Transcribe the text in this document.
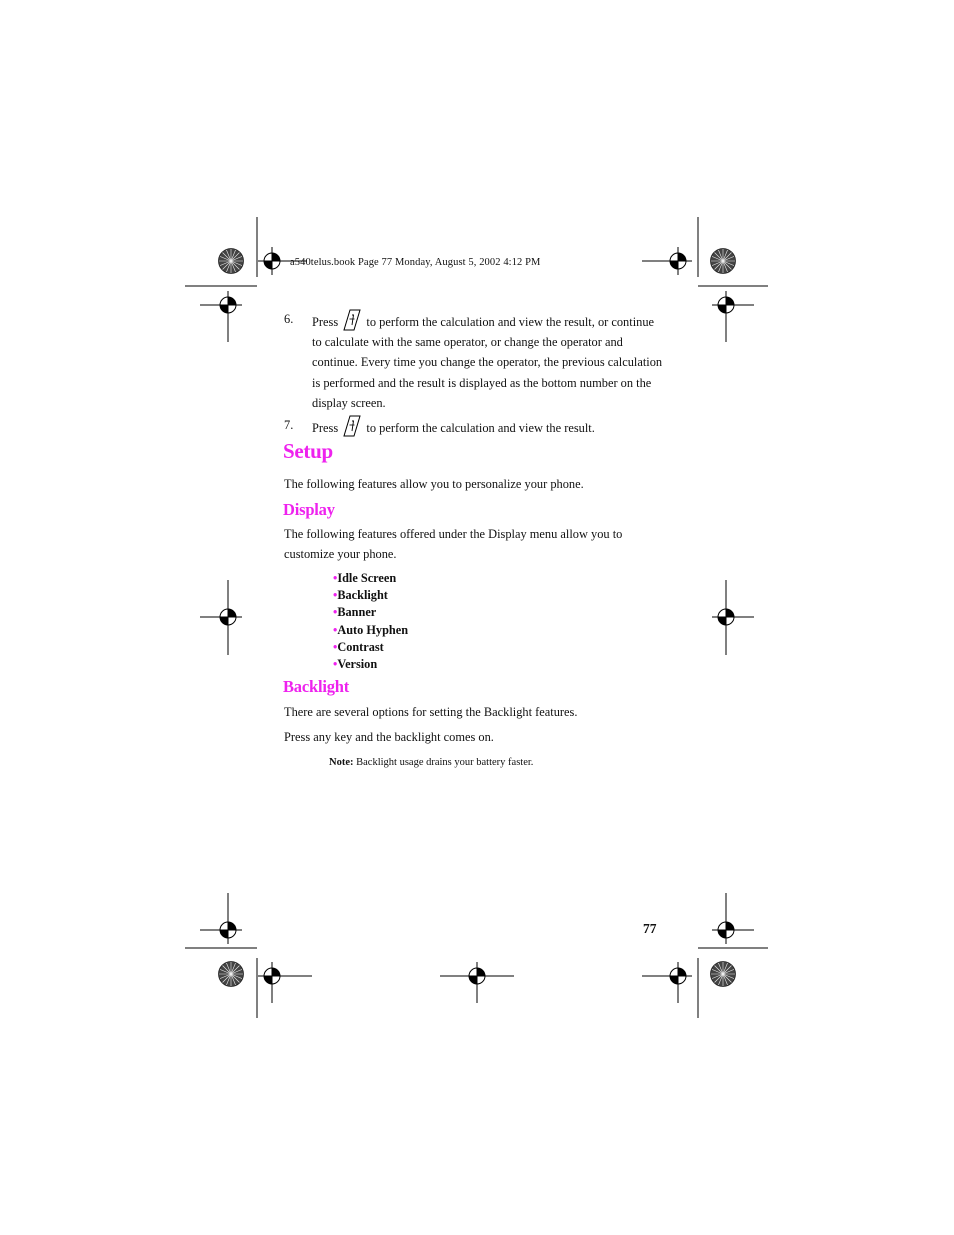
a540telus.book Page 77 Monday, August 5, 2002 4:12 PM
6. Press to perform the calculation and view the result, or continue to calculate with the same operator, or change the operator and continue. Every time you change the operator, the previous calculation is performed and the result is displayed as the bottom number on the display screen.
7. Press to perform the calculation and view the result.
Setup
The following features allow you to personalize your phone.
Display
The following features offered under the Display menu allow you to customize your phone.
•Idle Screen
•Backlight
•Banner
•Auto Hyphen
•Contrast
•Version
Backlight
There are several options for setting the Backlight features.
Press any key and the backlight comes on.
Note: Backlight usage drains your battery faster.
77
